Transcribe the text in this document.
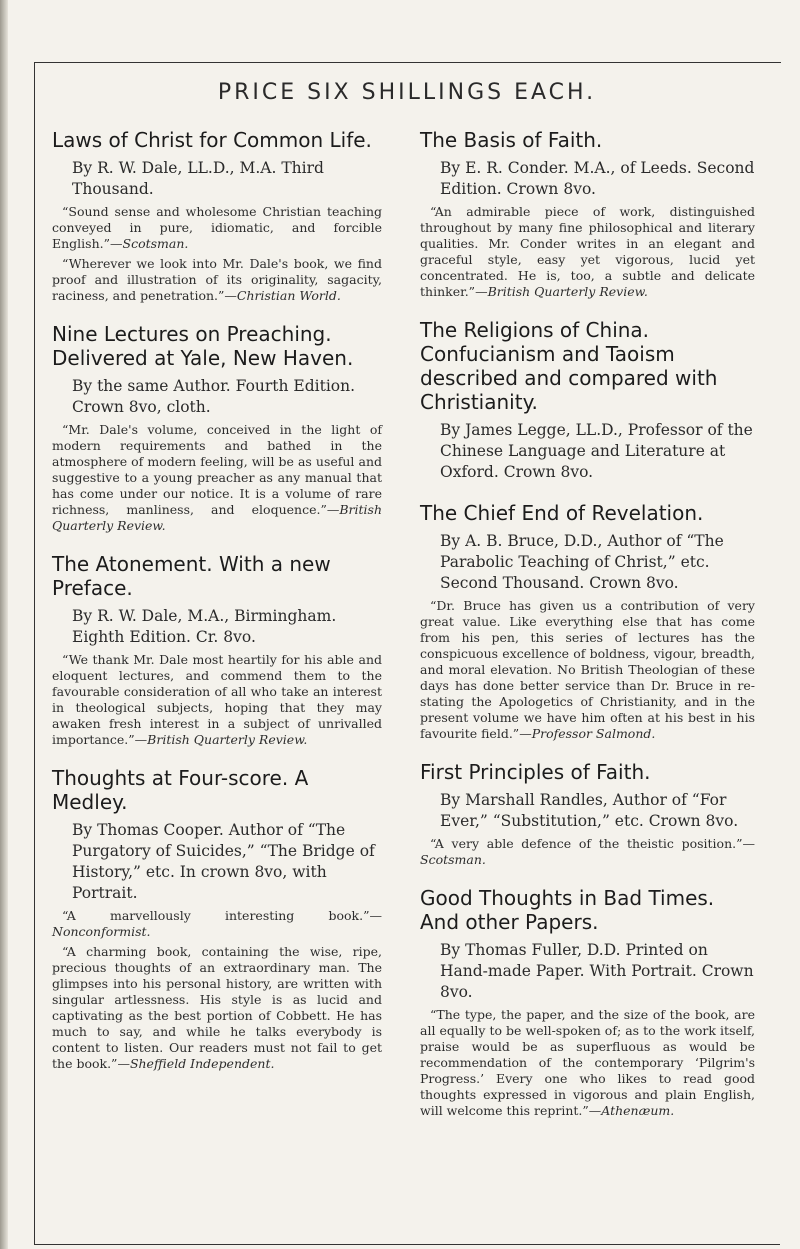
PRICE SIX SHILLINGS EACH.
Laws of Christ for Common Life.
By R. W. Dale, LL.D., M.A. Third Thousand.

“Sound sense and wholesome Christian teaching conveyed in pure, idiomatic, and forcible English.”—Scotsman.

“Wherever we look into Mr. Dale's book, we find proof and illustration of its originality, sagacity, raciness, and penetration.”—Christian World.

Nine Lectures on Preaching. Delivered at Yale, New Haven.
By the same Author. Fourth Edition. Crown 8vo, cloth.

“Mr. Dale's volume, conceived in the light of modern requirements and bathed in the atmosphere of modern feeling, will be as useful and suggestive to a young preacher as any manual that has come under our notice. It is a volume of rare richness, manliness, and eloquence.”—British Quarterly Review.

The Atonement. With a new Preface.
By R. W. Dale, M.A., Birmingham. Eighth Edition. Cr. 8vo.

“We thank Mr. Dale most heartily for his able and eloquent lectures, and commend them to the favourable consideration of all who take an interest in theological subjects, hoping that they may awaken fresh interest in a subject of unrivalled importance.”—British Quarterly Review.

Thoughts at Four-score. A Medley.
By Thomas Cooper. Author of “The Purgatory of Suicides,” “The Bridge of History,” etc. In crown 8vo, with Portrait.

“A marvellously interesting book.”—Nonconformist.

“A charming book, containing the wise, ripe, precious thoughts of an extraordinary man. The glimpses into his personal history, are written with singular artlessness. His style is as lucid and captivating as the best portion of Cobbett. He has much to say, and while he talks everybody is content to listen. Our readers must not fail to get the book.”—Sheffield Independent.

The Basis of Faith.
By E. R. Conder. M.A., of Leeds. Second Edition. Crown 8vo.

“An admirable piece of work, distinguished throughout by many fine philosophical and literary qualities. Mr. Conder writes in an elegant and graceful style, easy yet vigorous, lucid yet concentrated. He is, too, a subtle and delicate thinker.”—British Quarterly Review.

The Religions of China. Confucianism and Taoism described and compared with Christianity.
By James Legge, LL.D., Professor of the Chinese Language and Literature at Oxford. Crown 8vo.
The Chief End of Revelation.
By A. B. Bruce, D.D., Author of “The Parabolic Teaching of Christ,” etc. Second Thousand. Crown 8vo.

“Dr. Bruce has given us a contribution of very great value. Like everything else that has come from his pen, this series of lectures has the conspicuous excellence of boldness, vigour, breadth, and moral elevation. No British Theologian of these days has done better service than Dr. Bruce in re-stating the Apologetics of Christianity, and in the present volume we have him often at his best in his favourite field.”—Professor Salmond.

First Principles of Faith.
By Marshall Randles, Author of “For Ever,” “Substitution,” etc. Crown 8vo.

“A very able defence of the theistic position.”—Scotsman.

Good Thoughts in Bad Times. And other Papers.
By Thomas Fuller, D.D. Printed on Hand-made Paper. With Portrait. Crown 8vo.

“The type, the paper, and the size of the book, are all equally to be well-spoken of; as to the work itself, praise would be as superfluous as would be recommendation of the contemporary ‘Pilgrim's Progress.’ Every one who likes to read good thoughts expressed in vigorous and plain English, will welcome this reprint.”—Athenæum.
